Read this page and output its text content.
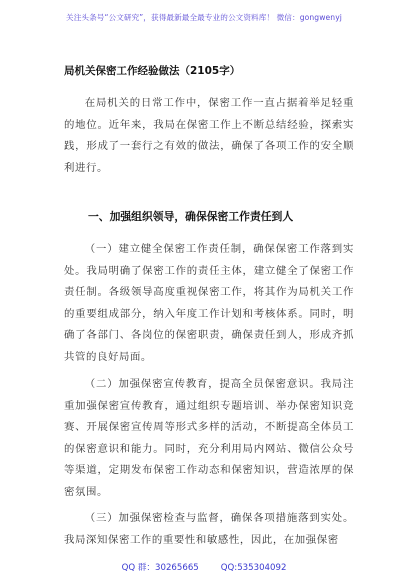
关注头条号“公文研究”，获得最新最全最专业的公文资料库！ 微信：gongwenyj
局机关保密工作经验做法（2105字）

在局机关的日常工作中，保密工作一直占据着举足轻重的地位。近年来，我局在保密工作上不断总结经验，探索实践，形成了一套行之有效的做法，确保了各项工作的安全顺利进行。

一、加强组织领导，确保保密工作责任到人

（一）建立健全保密工作责任制，确保保密工作落到实处。我局明确了保密工作的责任主体，建立健全了保密工作责任制。各级领导高度重视保密工作，将其作为局机关工作的重要组成部分，纳入年度工作计划和考核体系。同时，明确了各部门、各岗位的保密职责，确保责任到人，形成齐抓共管的良好局面。

（二）加强保密宣传教育，提高全员保密意识。我局注重加强保密宣传教育，通过组织专题培训、举办保密知识竞赛、开展保密宣传周等形式多样的活动，不断提高全体员工的保密意识和能力。同时，充分利用局内网站、微信公众号等渠道，定期发布保密工作动态和保密知识，营造浓厚的保密氛围。

（三）加强保密检查与监督，确保各项措施落到实处。我局深知保密工作的重要性和敏感性，因此，在加强保密

QQ 群：30265665	QQ:535304092
